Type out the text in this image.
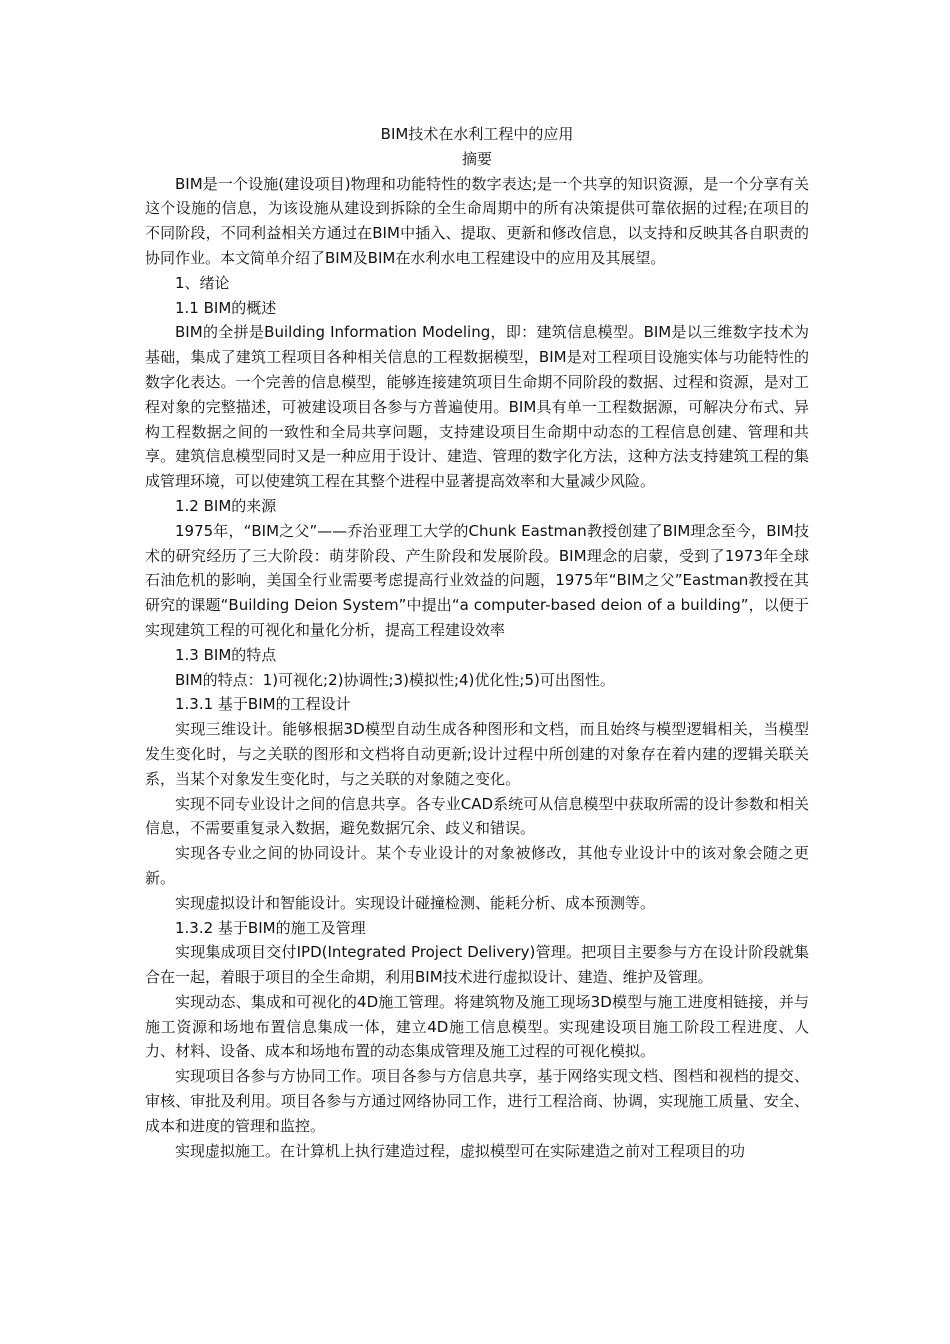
BIM技术在水利工程中的应用

摘要

BIM是一个设施(建设项目)物理和功能特性的数字表达;是一个共享的知识资源，是一个分享有关这个设施的信息，为该设施从建设到拆除的全生命周期中的所有决策提供可靠依据的过程;在项目的不同阶段，不同利益相关方通过在BIM中插入、提取、更新和修改信息，以支持和反映其各自职责的协同作业。本文简单介绍了BIM及BIM在水利水电工程建设中的应用及其展望。

1、绪论

1.1 BIM的概述

BIM的全拼是Building Information Modeling，即：建筑信息模型。BIM是以三维数字技术为基础，集成了建筑工程项目各种相关信息的工程数据模型，BIM是对工程项目设施实体与功能特性的数字化表达。一个完善的信息模型，能够连接建筑项目生命期不同阶段的数据、过程和资源，是对工程对象的完整描述，可被建设项目各参与方普遍使用。BIM具有单一工程数据源，可解决分布式、异构工程数据之间的一致性和全局共享问题，支持建设项目生命期中动态的工程信息创建、管理和共享。建筑信息模型同时又是一种应用于设计、建造、管理的数字化方法，这种方法支持建筑工程的集成管理环境，可以使建筑工程在其整个进程中显著提高效率和大量减少风险。

1.2 BIM的来源

1975年，“BIM之父”——乔治亚理工大学的Chunk Eastman教授创建了BIM理念至今，BIM技术的研究经历了三大阶段：萌芽阶段、产生阶段和发展阶段。BIM理念的启蒙，受到了1973年全球石油危机的影响，美国全行业需要考虑提高行业效益的问题，1975年“BIM之父”Eastman教授在其研究的课题“Building Deion System”中提出“a computer-based deion of a building”，以便于实现建筑工程的可视化和量化分析，提高工程建设效率

1.3 BIM的特点

BIM的特点：1)可视化;2)协调性;3)模拟性;4)优化性;5)可出图性。

1.3.1 基于BIM的工程设计

实现三维设计。能够根据3D模型自动生成各种图形和文档，而且始终与模型逻辑相关，当模型发生变化时，与之关联的图形和文档将自动更新;设计过程中所创建的对象存在着内建的逻辑关联关系，当某个对象发生变化时，与之关联的对象随之变化。

实现不同专业设计之间的信息共享。各专业CAD系统可从信息模型中获取所需的设计参数和相关信息，不需要重复录入数据，避免数据冗余、歧义和错误。

实现各专业之间的协同设计。某个专业设计的对象被修改，其他专业设计中的该对象会随之更新。

实现虚拟设计和智能设计。实现设计碰撞检测、能耗分析、成本预测等。

1.3.2 基于BIM的施工及管理

实现集成项目交付IPD(Integrated Project Delivery)管理。把项目主要参与方在设计阶段就集合在一起，着眼于项目的全生命期，利用BIM技术进行虚拟设计、建造、维护及管理。

实现动态、集成和可视化的4D施工管理。将建筑物及施工现场3D模型与施工进度相链接，并与施工资源和场地布置信息集成一体，建立4D施工信息模型。实现建设项目施工阶段工程进度、人力、材料、设备、成本和场地布置的动态集成管理及施工过程的可视化模拟。

实现项目各参与方协同工作。项目各参与方信息共享，基于网络实现文档、图档和视档的提交、审核、审批及利用。项目各参与方通过网络协同工作，进行工程洽商、协调，实现施工质量、安全、成本和进度的管理和监控。

实现虚拟施工。在计算机上执行建造过程，虚拟模型可在实际建造之前对工程项目的功
